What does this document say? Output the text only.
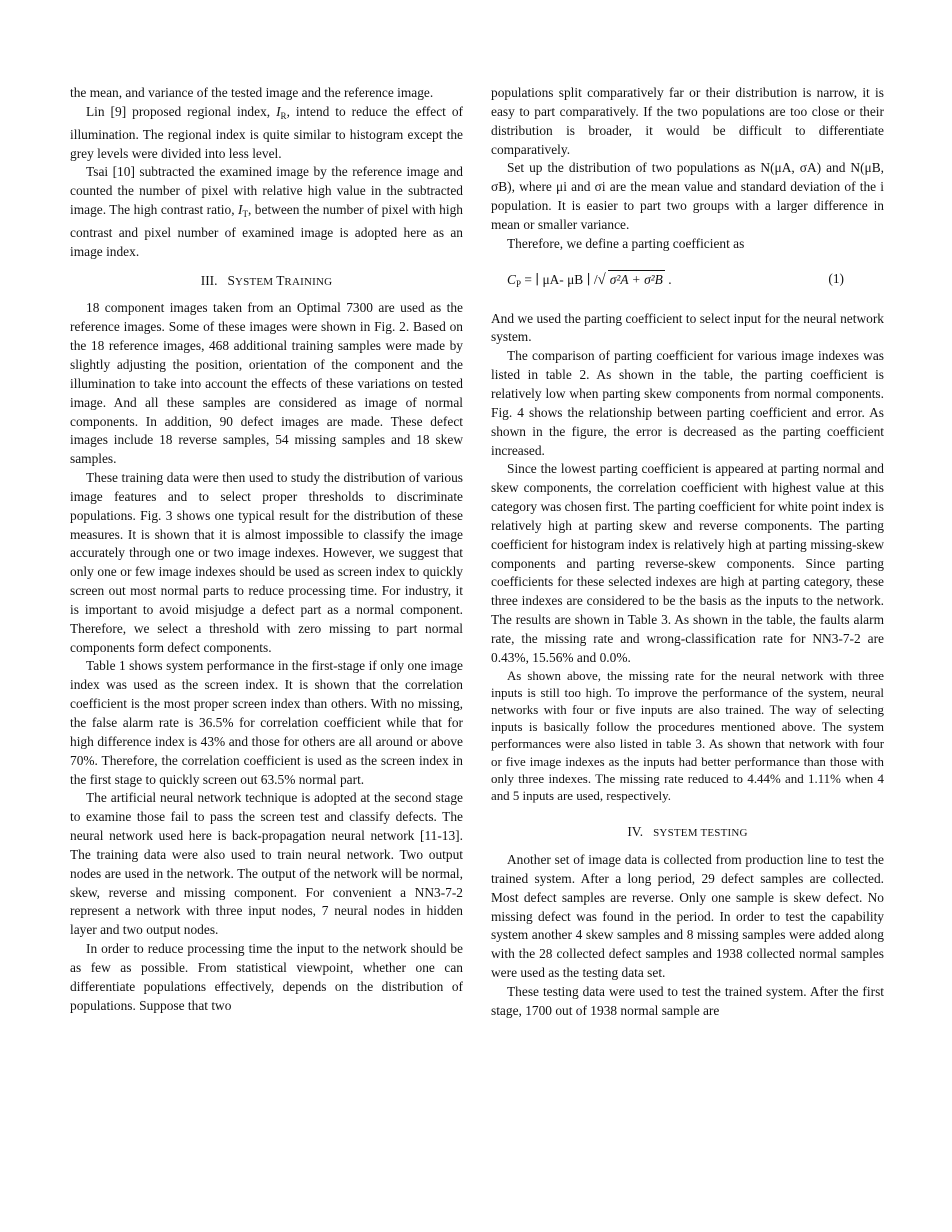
the mean, and variance of the tested image and the reference image.

Lin [9] proposed regional index, $I_R$, intend to reduce the effect of illumination. The regional index is quite similar to histogram except the grey levels were divided into less level.

Tsai [10] subtracted the examined image by the reference image and counted the number of pixel with relative high value in the subtracted image. The high contrast ratio, $I_T$, between the number of pixel with high contrast and pixel number of examined image is adopted here as an image index.

III. SYSTEM TRAINING

18 component images taken from an Optimal 7300 are used as the reference images. Some of these images were shown in Fig. 2. Based on the 18 reference images, 468 additional training samples were made by slightly adjusting the position, orientation of the component and the illumination to take into account the effects of these variations on tested image. And all these samples are considered as image of normal components. In addition, 90 defect images are made. These defect images include 18 reverse samples, 54 missing samples and 18 skew samples.

These training data were then used to study the distribution of various image features and to select proper thresholds to discriminate populations. Fig. 3 shows one typical result for the distribution of these measures. It is shown that it is almost impossible to classify the image accurately through one or two image indexes. However, we suggest that only one or few image indexes should be used as screen index to quickly screen out most normal parts to reduce processing time. For industry, it is important to avoid misjudge a defect part as a normal component. Therefore, we select a threshold with zero missing to part normal components form defect components.

Table 1 shows system performance in the first-stage if only one image index was used as the screen index. It is shown that the correlation coefficient is the most proper screen index than others. With no missing, the false alarm rate is 36.5% for correlation coefficient while that for high difference index is 43% and those for others are all around or above 70%. Therefore, the correlation coefficient is used as the screen index in the first stage to quickly screen out 63.5% normal part.

The artificial neural network technique is adopted at the second stage to examine those fail to pass the screen test and classify defects. The neural network used here is back-propagation neural network [11-13]. The training data were also used to train neural network. Two output nodes are used in the network. The output of the network will be normal, skew, reverse and missing component. For convenient a NN3-7-2 represent a network with three input nodes, 7 neural nodes in hidden layer and two output nodes.

In order to reduce processing time the input to the network should be as few as possible. From statistical viewpoint, whether one can differentiate populations effectively, depends on the distribution of populations. Suppose that two

populations split comparatively far or their distribution is narrow, it is easy to part comparatively. If the two populations are too close or their distribution is broader, it would be difficult to differentiate comparatively.

Set up the distribution of two populations as N(μA, σA) and N(μB, σB), where μi and σi are the mean value and standard deviation of the i population. It is easier to part two groups with a larger difference in mean or smaller variance.

Therefore, we define a parting coefficient as

$C_P$ = ∣ μA- μB ∣ /√ σ²A + σ²B .	(1)

And we used the parting coefficient to select input for the neural network system.

The comparison of parting coefficient for various image indexes was listed in table 2. As shown in the table, the parting coefficient is relatively low when parting skew components from normal components. Fig. 4 shows the relationship between parting coefficient and error. As shown in the figure, the error is decreased as the parting coefficient increased.

Since the lowest parting coefficient is appeared at parting normal and skew components, the correlation coefficient with highest value at this category was chosen first. The parting coefficient for white point index is relatively high at parting skew and reverse components. The parting coefficient for histogram index is relatively high at parting missing-skew components and parting reverse-skew components. Since parting coefficients for these selected indexes are high at parting category, these three indexes are considered to be the basis as the inputs to the network. The results are shown in Table 3. As shown in the table, the faults alarm rate, the missing rate and wrong-classification rate for NN3-7-2 are 0.43%, 15.56% and 0.0%.

As shown above, the missing rate for the neural network with three inputs is still too high. To improve the performance of the system, neural networks with four or five inputs are also trained. The way of selecting inputs is basically follow the procedures mentioned above. The system performances were also listed in table 3. As shown that network with four or five image indexes as the inputs had better performance than those with only three indexes. The missing rate reduced to 4.44% and 1.11% when 4 and 5 inputs are used, respectively.

IV. SYSTEM TESTING

Another set of image data is collected from production line to test the trained system. After a long period, 29 defect samples are collected. Most defect samples are reverse. Only one sample is skew defect. No missing defect was found in the period. In order to test the capability system another 4 skew samples and 8 missing samples were added along with the 28 collected defect samples and 1938 collected normal samples were used as the testing data set.

These testing data were used to test the trained system. After the first stage, 1700 out of 1938 normal sample are
